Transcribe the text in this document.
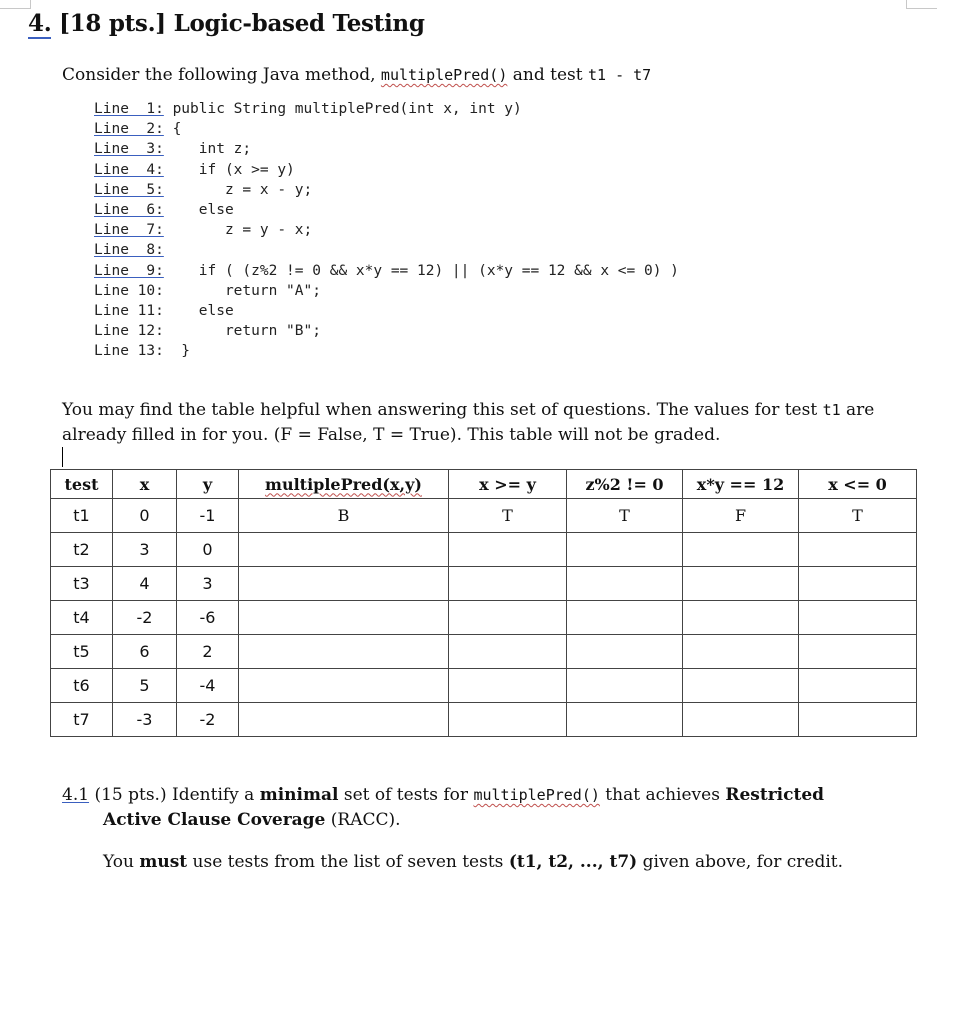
4. [18 pts.] Logic-based Testing
Consider the following Java method, multiplePred() and test t1 - t7
Line  1: public String multiplePred(int x, int y)
Line  2: {
Line  3:    int z;
Line  4:    if (x >= y)
Line  5:       z = x - y;
Line  6:    else
Line  7:       z = y - x;
Line  8:
Line  9:    if ( (z%2 != 0 && x*y == 12) || (x*y == 12 && x <= 0) )
Line 10:       return "A";
Line 11:    else
Line 12:       return "B";
Line 13:  }
You may find the table helpful when answering this set of questions. The values for test t1 are already filled in for you. (F = False, T = True). This table will not be graded.
test	x	y	multiplePred(x,y)	x >= y	z%2 != 0	x*y == 12	x <= 0
t1	0	-1	B	T	T	F	T
t2	3	0					
t3	4	3					
t4	-2	-6					
t5	6	2					
t6	5	-4					
t7	-3	-2					
4.1 (15 pts.) Identify a minimal set of tests for multiplePred() that achieves Restricted
Active Clause Coverage (RACC).
You must use tests from the list of seven tests (t1, t2, ..., t7) given above, for credit.
